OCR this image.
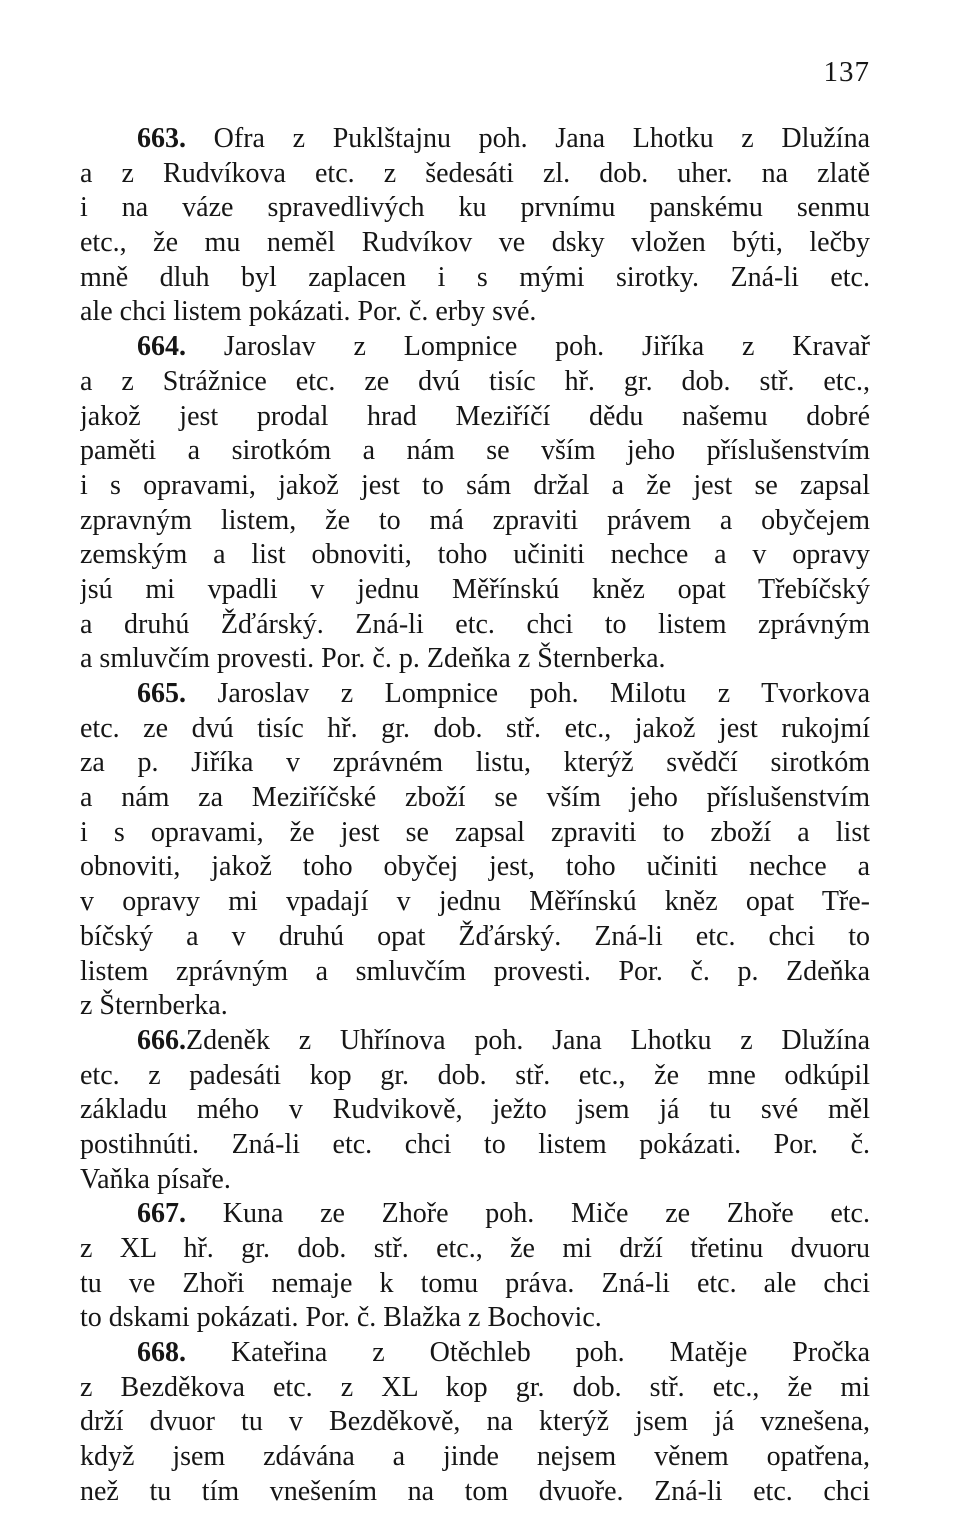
137
663. Ofra z Puklštajnu poh. Jana Lhotku z Dlužína
a z Rudvíkova etc. z šedesáti zl. dob. uher. na zlatě
i na váze spravedlivých ku prvnímu panskému senmu
etc., že mu neměl Rudvíkov ve dsky vložen býti, lečby
mně dluh byl zaplacen i s mými sirotky. Zná-li etc.
ale chci listem pokázati. Por. č. erby své.
664. Jaroslav z Lompnice poh. Jiříka z Kravař
a z Strážnice etc. ze dvú tisíc hř. gr. dob. stř. etc.,
jakož jest prodal hrad Meziříčí dědu našemu dobré
paměti a sirotkóm a nám se vším jeho příslušenstvím
i s opravami, jakož jest to sám držal a že jest se zapsal
zpravným listem, že to má zpraviti právem a obyčejem
zemským a list obnoviti, toho učiniti nechce a v opravy
jsú mi vpadli v jednu Měřínskú kněz opat Třebíčský
a druhú Žďárský. Zná-li etc. chci to listem zprávným
a smluvčím provesti. Por. č. p. Zdeňka z Šternberka.
665. Jaroslav z Lompnice poh. Milotu z Tvorkova
etc. ze dvú tisíc hř. gr. dob. stř. etc., jakož jest rukojmí
za p. Jiříka v zprávném listu, kterýž svědčí sirotkóm
a nám za Meziříčské zboží se vším jeho příslušenstvím
i s opravami, že jest se zapsal zpraviti to zboží a list
obnoviti, jakož toho obyčej jest, toho učiniti nechce a
v opravy mi vpadají v jednu Měřínskú kněz opat Tře-
bíčský a v druhú opat Žďárský. Zná-li etc. chci to
listem zprávným a smluvčím provesti. Por. č. p. Zdeňka
z Šternberka.
666.Zdeněk z Uhřínova poh. Jana Lhotku z Dlužína
etc. z padesáti kop gr. dob. stř. etc., že mne odkúpil
základu mého v Rudvikově, ježto jsem já tu své měl
postihnúti. Zná-li etc. chci to listem pokázati. Por. č.
Vaňka písaře.
667. Kuna ze Zhoře poh. Miče ze Zhoře etc.
z XL hř. gr. dob. stř. etc., že mi drží třetinu dvuoru
tu ve Zhoři nemaje k tomu práva. Zná-li etc. ale chci
to dskami pokázati. Por. č. Blažka z Bochovic.
668. Kateřina z Otěchleb poh. Matěje Pročka
z Bezděkova etc. z XL kop gr. dob. stř. etc., že mi
drží dvuor tu v Bezděkově, na kterýž jsem já vznešena,
když jsem zdávána a jinde nejsem věnem opatřena,
než tu tím vnešením na tom dvuoře. Zná-li etc. chci
